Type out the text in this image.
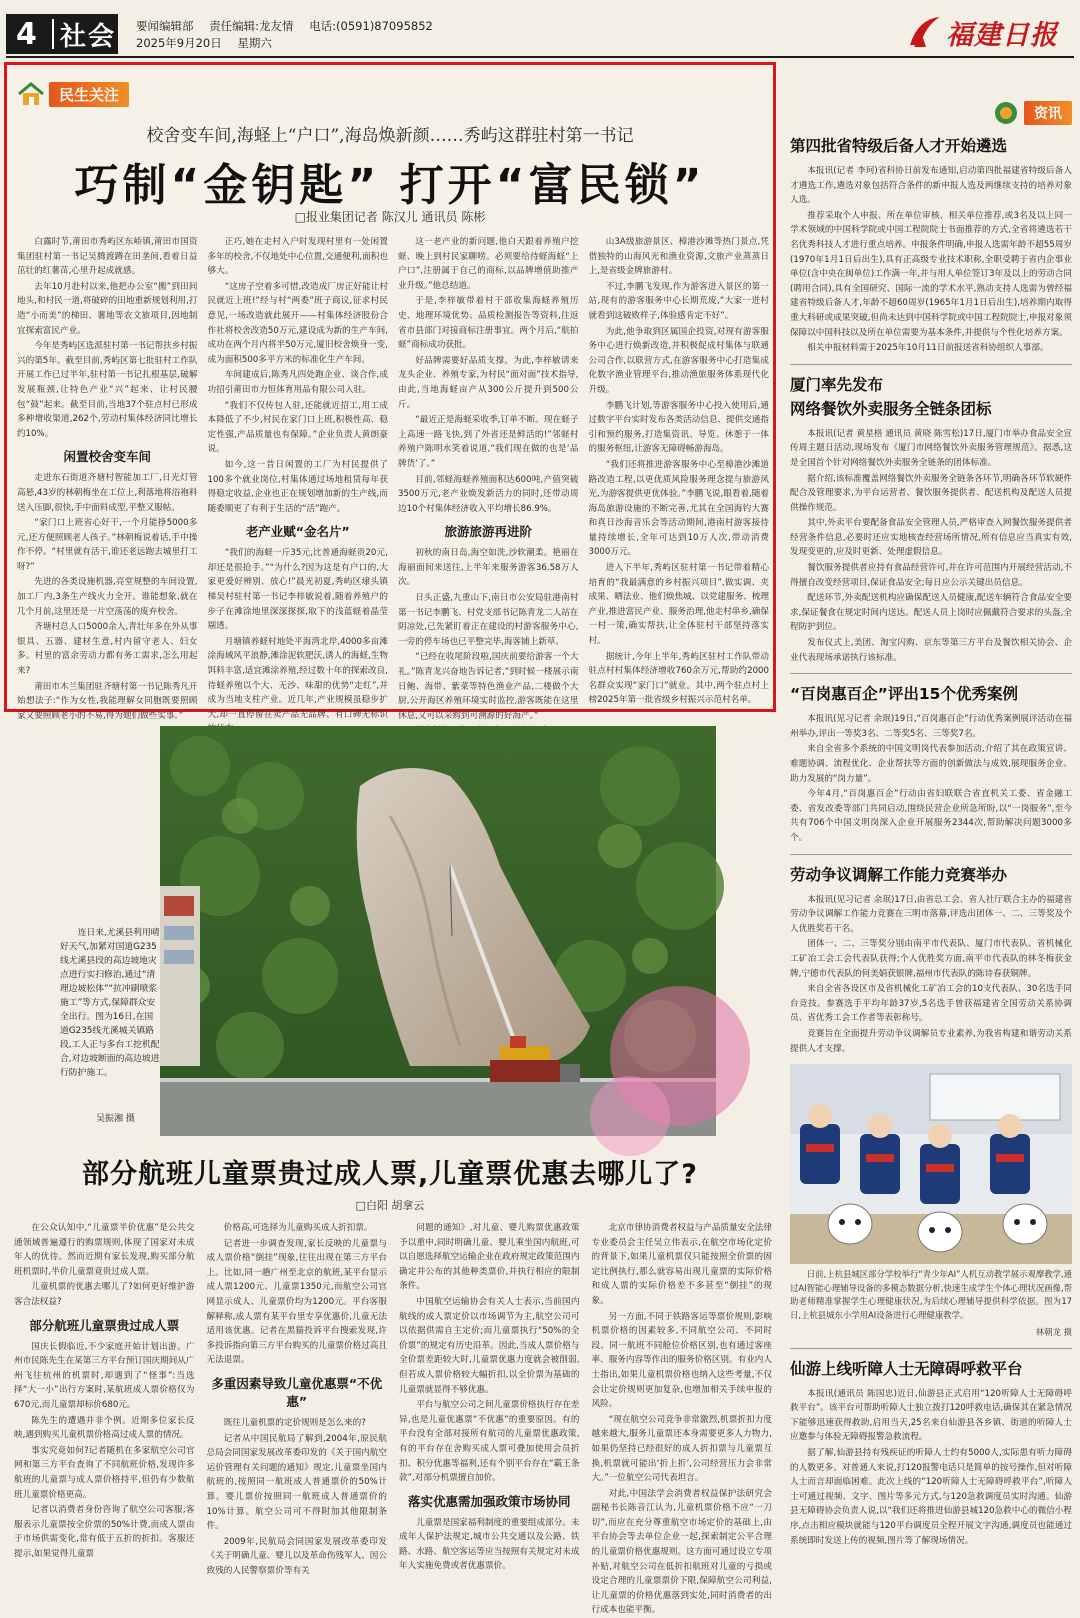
4 社会 要闻编辑部 责任编辑:龙友情 电话:(0591)87095852
2025年9月20日 星期六	福建日报
民生关注
校舍变车间,海蛏上“户口”,海岛焕新颜……秀屿这群驻村第一书记
巧制“金钥匙” 打开“富民锁”
□报业集团记者 陈汉儿 通讯员 陈彬

白露时节,莆田市秀屿区东峤镇,莆田市国资集团驻村第一书记吴腾渡蹲在田垄间,看着日益茁壮的红薯苗,心里升起成就感。

去年10月赴村以来,他把办公室“搬”到田间地头,和村民一道,将破碎的田地重新规划利用,打造“小而美”的梯田、薯地等农文旅项目,因地制宜探索富民产业。

今年是秀屿区选派驻村第一书记帮扶乡村振兴的第5年。截至目前,秀屿区第七批驻村工作队开展工作已过半年,驻村第一书记扎根基层,破解发展瓶颈,让特色产业“兴”起来、让村民腰包“鼓”起来。截至目前,当地37个驻点村已形成多种增收渠道,262个,劳动村集体经济同比增长约10%。

闲置校舍变车间

走进东石街道齐塘村智能加工厂,日光灯管高悬,43岁的林朝梅坐在工位上,利落地将浴袍料送入压脚,很快,手中面料成型,平整又服帖。

“家门口上班省心好干,一个月能挣5000多元,还方便照顾老人孩子。”林朝梅说着话,手中操作不停。“村里就有活干,谁还老远跑去城里打工呀?”

先进的各类设施机器,亮堂规整的车间设置,加工厂内,3条生产线火力全开。谁能想象,就在几个月前,这里还是一片空荡荡的废弃校舍。

齐塘村总人口5000余人,青壮年多在外从事银具、五器、建材生意,村内留守老人、妇女多。村里的富余劳动力都有务工需求,怎么用起来?

莆田市木兰集团驻齐塘村第一书记陈秀凡开始想法子:“作为女性,我能理解女同胞既要照顾家又要照顾老小的不易,得为她们做些实事。”

正巧,她在走村入户时发现村里有一处闲置多年的校舍,不仅地处中心位置,交通便利,面积也够大。

“这房子空着多可惜,改造成厂房正好能让村民就近上班!”经与村“两委”班子商议,征求村民意见,一场改造就此展开——村集体经济股份合作社将校舍改造50万元,建设成为新的生产车间,成功在两个月内将半50万元,厦旧校舍焕身一变,成为面积500多平方米的标准化生产车间。

车间建成后,陈秀凡四处跑企业、谈合作,成功招引莆田市力恒体育用品有限公司入驻。

“我们不仅传包人驻,还能就近招工,用工成本降低了不少,村民在家门口上班,积极性高、稳定性强,产品质量也有保障。”企业负责人黄朗豪说。

如今,这一昔日闲置的工厂为村民提供了100多个就业岗位,村集体通过场地租赁每年获得稳定收益,企业也正在规划增加新的生产线,而随委顺更了有利于生活的“活”跑产。

老产业赋“金名片”

“我们的海蛏一斤35元,比普通海蛏贵20元,却还是很抢手。”“为什么?因为这是有户口的,大家更爱好辨别、放心!”晨光初夏,秀屿区埭头镇梯吴村驻村第一书记李梓敏说着,随着养殖户的步子在滩涂地里深深探探,取下的浅蓝蛏着晶莹剔透。

月塘镇养蛏村地处平海湾北岸,4000多亩滩涂海域风平浪静,滩涂泥软肥沃,诱人的海蛏,生物饵料丰富,适宜滩涂养殖,经过数十年的探索改良,待蛏养殖以个大、无沙、味甜的优势“走红”,并成为当地支柱产业。近几年,产业规模虽稳步扩大,却一直停留在卖产品无品牌、有口碑无标识

这一老产业的新问题,他白天跟着养殖户挖蛏、晚上到村民家聊唠。必须要给待蛏海蛏“上户口”,注册属于自己的商标,以品牌增值助推产业升级。”他总结道。

于是,李梓敏带着村干部收集海蛏养殖历史、地理环境优势、品质检测报告等资料,往返省市县部门对接商标注册事宜。两个月后,“航拍蛏”商标成功获批。

好品牌需要好品质支撑。为此,李梓敏请来龙头企业、养殖专家,为村民“面对面”技术指导,由此,当地海蛏亩产从300公斤提升到500公斤。

“最近正是海蛏采收季,订单不断。现在蛏子上高速一路飞快,到了外省还是鲜活的!”邻蛏村养殖户陈明水笑着说道,“我们现在做的也是‘品牌货’了。”

目前,邻蛏海蛏养殖面积达600吨,产值突破3500万元,老产业焕发新活力的同时,还带动周边10个村集体经济收入平均增长86.9%。

旅游旅游再进阶

初秋的南日岛,海空如洗,沙软潮柔。艳丽在海丽面间来送往,上半年来服务游客36.58万人次。

日头正盛,九重山下,南日市公安局驻港南村第一书记李鹏飞、村党支部书记陈青龙二人站在阴凉处,已先紧盯着正在建设的村游客服务中心,一旁的停车场也已平整完毕,海客铺上新草。

“已经在收尾阶段啦,国庆前要给游客一个大礼。”陈青龙兴奋地告诉记者,“到时候一楼展示南日鲍、海带、紫菜等特色渔业产品,二楼做个大厨,公开海区养殖环境实时监控,游客既能在这里休息,又可以采购到可溯源的好海产。”

山3A级旅游景区、樟港沙滩等热门景点,凭借独特的山海风光和渔业资源,文旅产业蒸蒸日上,是省级金牌旅游村。

不过,李鹏飞发现,作为游客进入景区的第一站,现有的游客服务中心长期荒废,“大家一进村就看到这破败样子,体验感肯定不好”。

为此,他争取到区属国企投资,对现有游客服务中心进行焕新改造,并积极促成村集体与联通公司合作,以联营方式,在游客服务中心打造集成化数字渔业管理平台,推动渔旅服务体系现代化升级。

李鹏飞计划,等游客服务中心投入使用后,通过数字平台实时发布各类活动信息、提供交通指引和预约服务,打造集资讯、导览、休憩于一体的服务枢纽,让游客无障碍畅游海岛。

“我们还将推进游客服务中心至樟港沙滩道路改造工程,以更优质风险服务理念提与旅游风光,为游客提供更优体验。”李鹏飞说,眼看着,随着海岛旅游设施的不断完善,尤其在全国海钓大赛和真日沙海音乐会等活动期间,港南村游客接待量持续增长,全年可达到10万人次,带动消费3000万元。

进入下半年,秀屿区驻村第一书记带着精心培育的“我最满意的乡村振兴项目”,做实调、夹成果、晒法业、他们焕焦城、以党建服务、梳理产业,推进富民产业、服务治理,他走村串乡,确保一村一策,确实帮扶,让全体驻村干部坚持落实村。

据统计,今年上半年,秀屿区驻村工作队带动驻点村村集体经济增收760余万元,帮助约2000名群众实现“家门口”就业。其中,两个驻点村上榜2025年第一批省级乡村振兴示范村名单。

连日来,尤溪县利用晴好天气,加紧对国道G235线尤溪县段的高边坡地灾点进行实扫修治,通过“清理边坡松体”“抗冲刷喷浆施工”等方式,保障群众安全出行。图为16日,在国道G235线尤溪城关镇路段,工人正与多台工挖机配合,对边坡断面的高边坡进行防护施工。
吴振湘 摄
部分航班儿童票贵过成人票,儿童票优惠去哪儿了?
□白阳 胡拿云

在公众认知中,“儿童票半价优惠”是公共交通领域普遍遵行的购票规则,体现了国家对未成年人的优待。然而近期有家长发现,购买部分航班机票时,半价儿童票竟贵过成人票。

儿童机票的优惠去哪儿了?如何更好维护游客合法权益?

部分航班儿童票贵过成人票

国庆长假临近,不少家庭开始计划出游。广州市民陈先生在某第三方平台预订国庆期间从广州飞往杭州的机票时,却遇到了“怪事”:当选择“大一小”出行方案时,某航班成人票价格仅为670元,而儿童票却标价680元。

陈先生的遭遇并非个例。近期多位家长反映,遇到购买儿童机票价格高过成人票的情况。

事实究竟如何?记者随机在多家航空公司官网和第三方平台查询了不同航班价格,发现许多航班的儿童票与成人票价格持平,但仍有少数航班儿童票价格更高。

记者以消费者身份咨询了航空公司客服,客服表示儿童票按全价票的50%计费,而成人票由于市场供需变化,常有低于五折的折扣。客服还提示,如果觉得儿童票

价格高,可选择为儿童购买成人折扣票。

记者进一步调查发现,家长反映的儿童票与成人票价格“倒挂”现象,往往出现在第三方平台上。比如,同一趟广州至北京的航班,某平台显示成人票1200元、儿童票1350元,而航空公司官网显示成人、儿童票价均为1200元。平台客服解释称,成人票有某平台里专享优惠价,儿童无法适用该优惠。记者在黑猫投诉平台搜索发现,许多投诉指向第三方平台购买的儿童票价格过高且无法退票。

多重因素导致儿童优惠票“不优惠”

既往儿童机票的定价规则是怎么来的?

记者从中国民航局了解到,2004年,原民航总局会同国家发展改革委印发的《关于国内航空运价管理有关问题的通知》规定,儿童票坐国内航班的,按照同一航班成人普通票价的50%计算。婴儿票价按照同一航班成人普通票价的10%计算。航空公司可不得附加其他限制条件。

2009年,民航局会同国家发展改革委印发《关于明确儿童、婴儿以及革命伤残军人、因公致残的人民警察票价等有关

问题的通知》,对儿童、婴儿购票优惠政策予以重申,同时明确儿童、婴儿乘坐国内航班,可以自愿选择航空运输企业在政府规定政策范围内确定并公布的其他种类票价,并执行相应的限制条件。

中国航空运输协会有关人士表示,当前国内航线的成人票定价以市场调节为主,航空公司可以依据供需自主定价;而儿童票执行“50%的全价票”的规定有历史沿革。因此,当成人票价格与全价票差距较大时,儿童票优惠力度就会被削弱,但若成人票价格较大幅折扣,以全价票为基础的儿童票就显得不够优惠。

平台与航空公司之间儿童票价格执行存在差异,也是儿童优惠票“不优惠”的重要原因。有的平台没有全部对接所有航司的儿童票优惠政策,有的平台存在舍购买成人票可叠加使用会员折扣、积分优惠等福利,还有个别平台存在“霸王条款”,对部分机票擅自加价。

落实优惠需加强政策市场协同

儿童票是国家福利制度的重要组成部分。未成年人保护法规定,城市公共交通以及公路、铁路、水路、航空客运等应当按照有关规定对未成年人实施免费或者优惠票价。

北京市律协消费者权益与产品质量安全法律专业委员会主任吴立伟表示,在航空市场化定价的背景下,如果儿童机票仅只能按照全价票的固定比例执行,那么就容易出现儿童票的实际价格和成人票的实际价格差不多甚至“倒挂”的现象。

另一方面,不同于铁路客运等票价规则,影响机票价格的因素较多,不同航空公司、不同时段、同一航班不同舱位价格区别,也有通过客座率、服务内容等作出的服务价格区别。有业内人士指出,如果儿童机票价格也纳入这些考量,不仅会让定价规则更加复杂,也增加相关手续申报的风险。

“现在航空公司竞争非常激烈,机票折扣力度越来越大,服务儿童票还本身需要更多人力物力,如果仍坚持已经很好的成人折扣票与儿童票互换,机票就可能出‘折上折’,公司经营压力会非常大。”一位航空公司代表坦言。

对此,中国法学会消费者权益保护法研究会副秘书长陈音江认为,儿童机票价格不应“一刀切”,而应在充分尊重航空市场定价的基础上,由平台协会等去单位企业一起,探索制定公平合理的儿童票价格优惠规则。这方面可通过设立专项补贴,对航空公司在低折扣航班对儿童的亏损或设定合理的儿童票票价下限,保障航空公司利益,让儿童票的价格优惠落到实处,同时消费者的出行成本也能平衡。

资讯
第四批省特级后备人才开始遴选

本报讯(记者 李珂)省科协日前发布通知,启动第四批福建省特级后备人才遴选工作,遴选对象包括符合条件的新申报人选及两继续支持的培养对象人选。

推荐采取个人申报、所在单位审核、相关单位推荐,或3名及以上同一学术领域的中国科学院或中国工程院院士书面推荐的方式,全省将遴选若干名优秀科技人才进行重点培养。申报条件明确,申报人选需年龄不超55周岁(1970年1月1日后出生),具有正高级专业技术职称,全职受聘于省内企事业单位(含中央在闽单位)工作满一年,并与用人单位签订3年及以上的劳动合同(聘用合同),具有全国研究、国际一流的学术水平,熟动支持人选需为曾经福建省特级后备人才,年龄不超60周岁(1965年1月1日后出生),培养期内取得重大科研或成果突破,但尚未达到中国科学院或中国工程院院士,申报对象须保障以中国科技以及所在单位需要为基本条件,并提供与个性化培养方案。

相关申报材料需于2025年10月11日前报送省科协组织人事部。

厦门率先发布
网络餐饮外卖服务全链条团标

本报讯(记者 黄星格 通讯员 黄晓 陈雪松)17日,厦门市举办食品安全宣传周主题日活动,现场发布《厦门市网络餐饮外卖服务管理规范》。据悉,这是全国首个针对网络餐饮外卖服务全链条的团体标准。

据介绍,该标准覆盖网络餐饮外卖服务全链条各环节,明确各环节软硬件配合及管理要求,为平台运营者、餐饮服务提供者、配送机构及配送人员提供操作规范。

其中,外卖平台要配备食品安全管理人员,严格审查入网餐饮服务提供者经营条件信息,必要时还应实地核查经营场所情况,所有信息应当真实有效,发现变更的,应及时更新、处理虚假信息。

餐饮服务提供者应持有食品经营许可,并在许可范围内开展经营活动,不得擅自改变经营项目,保证食品安全;每日应公示关键出员信息。

配送环节,外卖配送机构应确保配送人员健康,配送车辆符合食品安全要求,保证餐食在规定时间内送达。配送人员上岗时应佩戴符合要求的头盔,全程防护到位。

发布仪式上,美团、淘宝闪购、京东等第三方平台及餐饮相关协会、企业代表现场承诺执行该标准。

“百岗惠百企”评出15个优秀案例

本报讯(见习记者 余珉)19日,“百岗惠百企”行动优秀案例展评活动在福州举办,评出一等奖3名、二等奖5名、三等奖7名。

来自全省多个系统的中国文明岗代表参加活动,介绍了其在政策宣讲、难题协调、流程优化、企业帮扶等方面的创新做法与成效,展现服务企业、助力发展的“岗力量”。

今年4月,“百岗惠百企”行动由省妇联联合省直机关工委、省金融工委、省发改委等部门共同启动,围绕民营企业所急所盼,以“一岗服务”,至今共有706个中国文明岗深入企业开展服务2344次,帮助解决问题3000多个。

劳动争议调解工作能力竞赛举办

本报讯(见习记者 余珉)17日,由省总工会、省人社厅联合主办的福建省劳动争议调解工作能力竞赛在三明市落幕,评选出团体一、二、三等奖及个人优胜奖若干名。

团体一、二、三等奖分别由南平市代表队、厦门市代表队、省机械化工矿冶工会工会代表队获得;个人优胜奖方面,南平市代表队的林冬梅获金牌,宁德市代表队的何美娟获银牌,福州市代表队的陈诗春获铜牌。

来自全省各设区市及省机械化工矿冶工会的10支代表队、30名选手同台竞技。参赛选手平均年龄37岁,5名选手曾获福建省全国劳动关系协调员、省优秀工会工作者等表彰称号。

竞赛旨在全面提升劳动争议调解员专业素养,为我省构建和谐劳动关系提供人才支撑。

日前,上杭县城区部分学校举行“青少年AI”人机互动教学展示观摩教学,通过AI智能心理辅导设备的多模态数据分析,快速生成学生个体心理状况画像,帮助老师精准掌握学生心理健康状况,为后续心理辅导提供科学依据。图为17日,上杭县城东小学用AI设备进行心理健康教学。

林朝龙 摄

仙游上线听障人士无障碍呼救平台

本报讯(通讯员 陈国忠)近日,仙游县正式启用“120听障人士无障碍呼救平台”。该平台可帮助听障人士独立拨打120呼救电话,确保其在紧急情况下能够迅速获得救助,启用当天,25名来自仙游县各乡镇、街道的听障人士应邀参与体验无障碍报警急救流程。

据了解,仙游县持有残疾证的听障人士约有5000人,实际患有听力障碍的人数更多。对普通人来说,打120报警电话只是简单的按号操作,但对听障人士而言却面临困难。此次上线的“120听障人士无障碍呼救平台”,听障人士可通过视频、文字、图片等多元方式,与120急救调度员实时沟通。仙游县无障碍协会负责人说,以“我们还将推进仙游县城120急救中心的微信小程序,点击相应模块就能与120平台调度员全程开展文字沟通,调度员也能通过系统即时发送上传的视频,图片等了解现场情况。
